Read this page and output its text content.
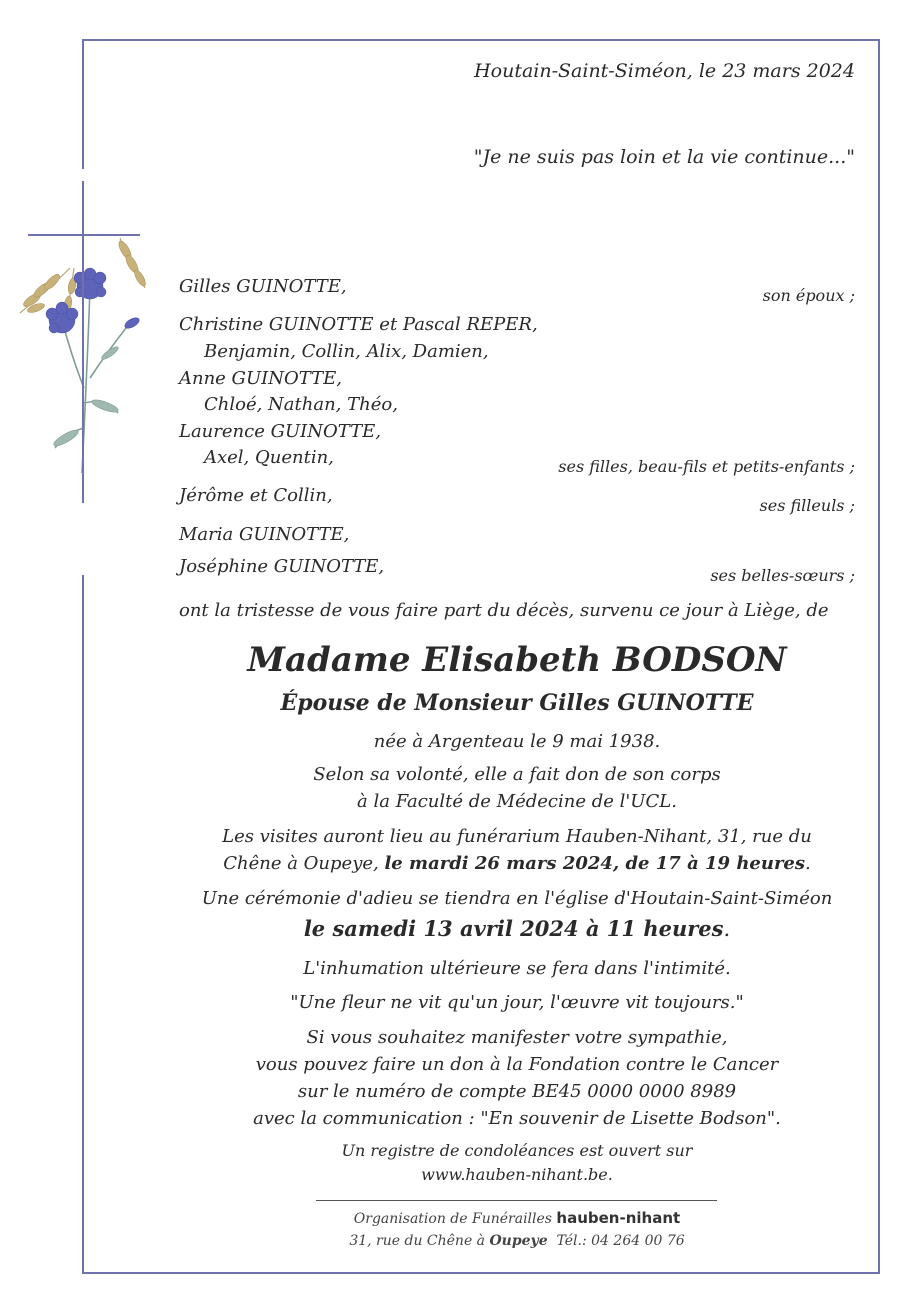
Houtain-Saint-Siméon, le 23 mars 2024
"Je ne suis pas loin et la vie continue..."
Gilles GUINOTTE,	son époux ;
Christine GUINOTTE et Pascal REPER,
Benjamin, Collin, Alix, Damien,
Anne GUINOTTE,
Chloé, Nathan, Théo,
Laurence GUINOTTE,
Axel, Quentin,	ses filles, beau-fils et petits-enfants ;
Jérôme et Collin,	ses filleuls ;
Maria GUINOTTE,
Joséphine GUINOTTE,	ses belles-sœurs ;
ont la tristesse de vous faire part du décès, survenu ce jour à Liège, de
Madame Elisabeth BODSON
Épouse de Monsieur Gilles GUINOTTE
née à Argenteau le 9 mai 1938.
Selon sa volonté, elle a fait don de son corps
à la Faculté de Médecine de l'UCL.
Les visites auront lieu au funérarium Hauben-Nihant, 31, rue du
Chêne à Oupeye, le mardi 26 mars 2024, de 17 à 19 heures.
Une cérémonie d'adieu se tiendra en l'église d'Houtain-Saint-Siméon
le samedi 13 avril 2024 à 11 heures.
L'inhumation ultérieure se fera dans l'intimité.
"Une fleur ne vit qu'un jour, l'œuvre vit toujours."
Si vous souhaitez manifester votre sympathie,
vous pouvez faire un don à la Fondation contre le Cancer
sur le numéro de compte BE45 0000 0000 8989
avec la communication : "En souvenir de Lisette Bodson".
Un registre de condoléances est ouvert sur
www.hauben-nihant.be.
Organisation de Funérailles hauben-nihant
31, rue du Chêne à Oupeye  Tél.: 04 264 00 76
